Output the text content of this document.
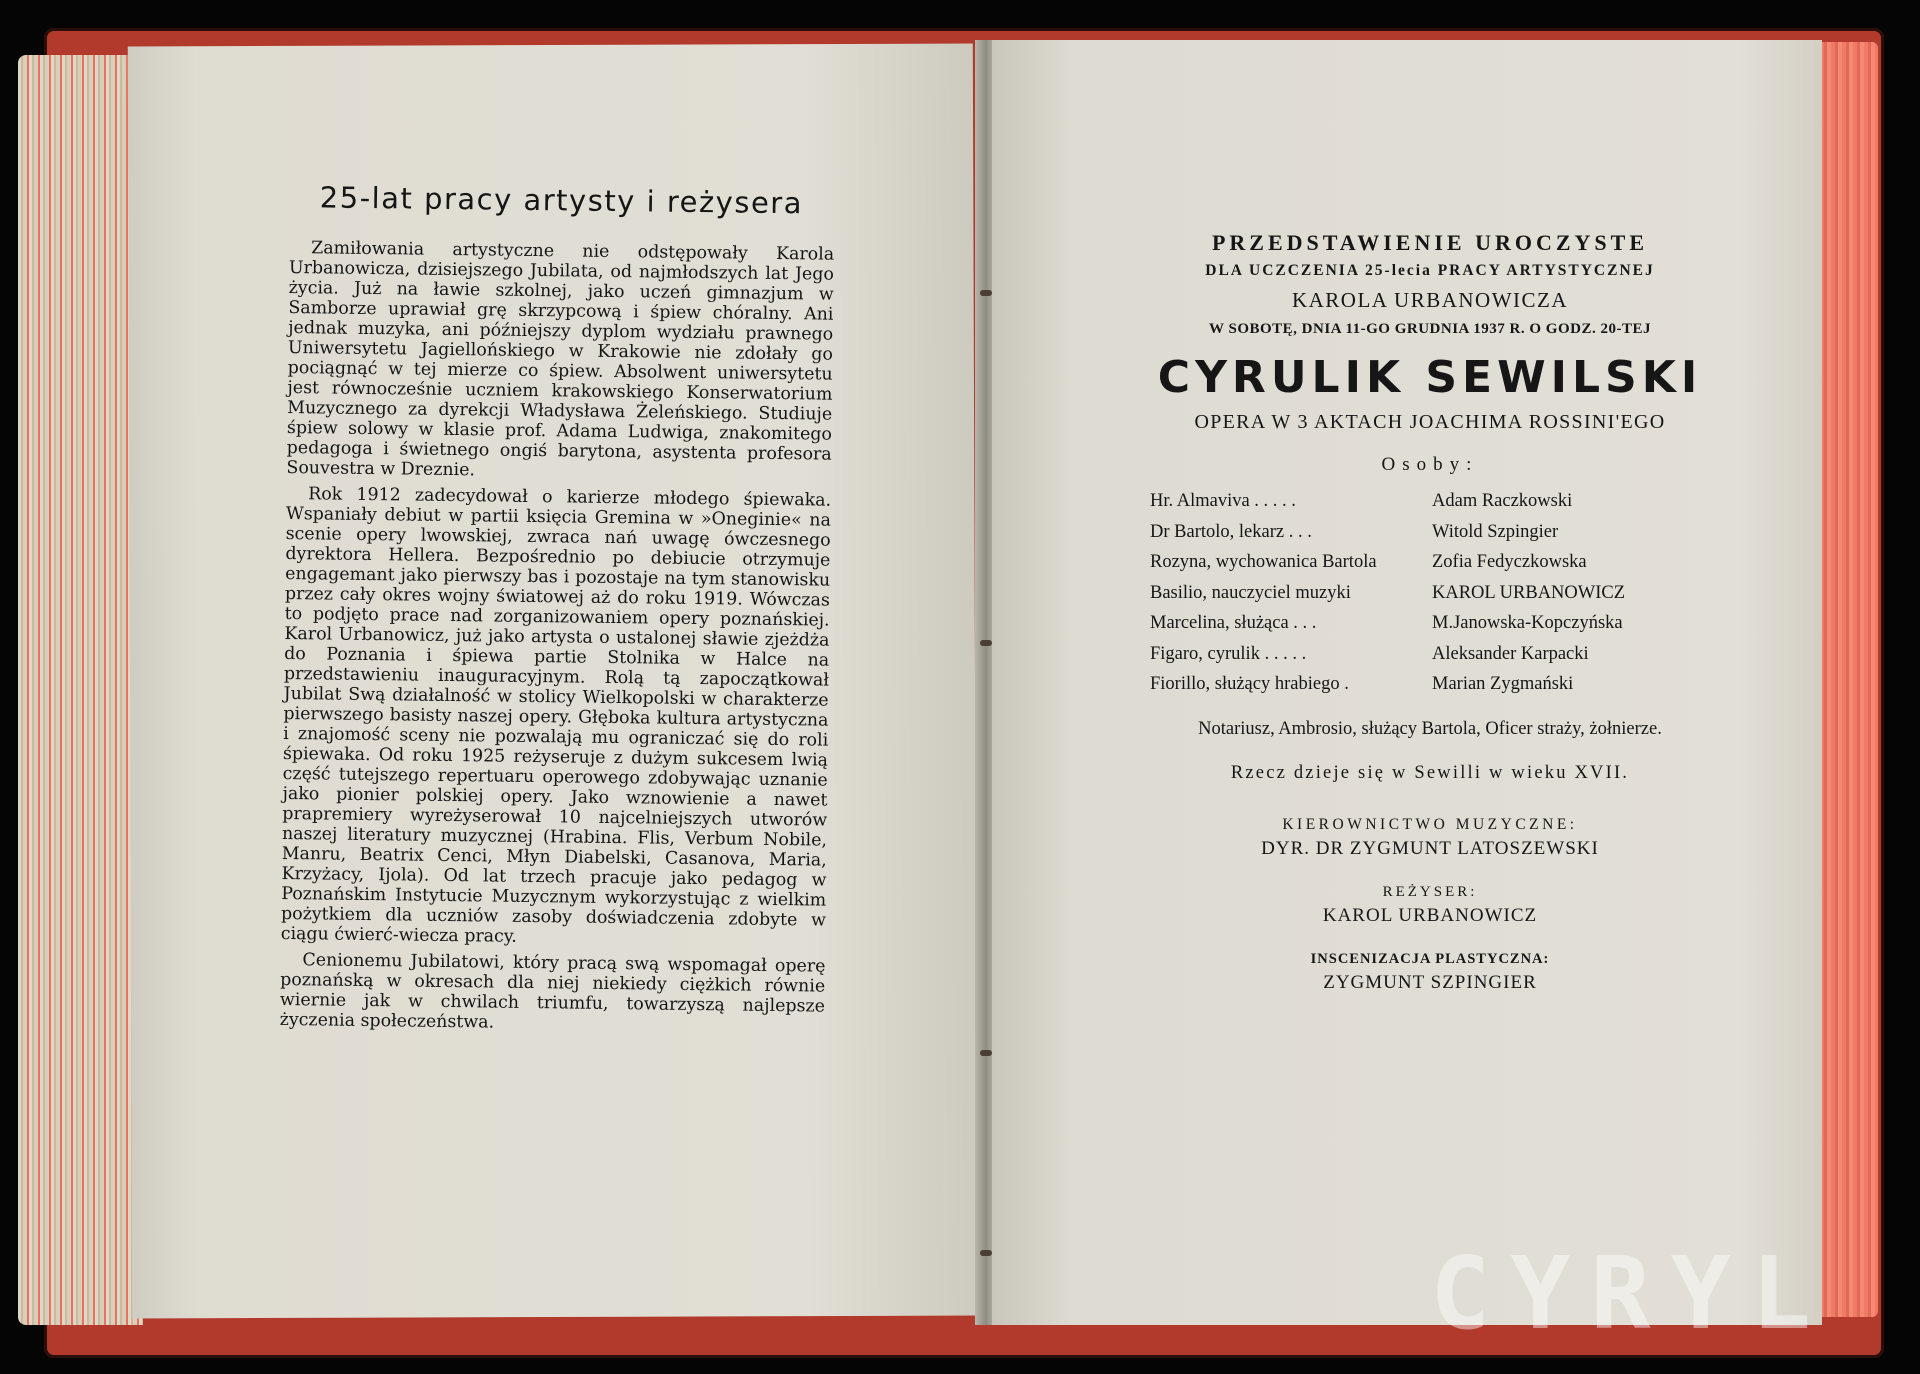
25-lat pracy artysty i reżysera

Zamiłowania artystyczne nie odstępowały Karola Urbanowicza, dzisiejszego Jubilata, od najmłodszych lat Jego życia. Już na ławie szkolnej, jako uczeń gimnazjum w Samborze uprawiał grę skrzypcową i śpiew chóralny. Ani jednak muzyka, ani późniejszy dyplom wydziału prawnego Uniwersytetu Jagiellońskiego w Krakowie nie zdołały go pociągnąć w tej mierze co śpiew. Absolwent uniwersytetu jest równocześnie uczniem krakowskiego Konserwatorium Muzycznego za dyrekcji Władysława Żeleńskiego. Studiuje śpiew solowy w klasie prof. Adama Ludwiga, znakomitego pedagoga i świetnego ongiś barytona, asystenta profesora Souvestra w Dreznie.

Rok 1912 zadecydował o karierze młodego śpiewaka. Wspaniały debiut w partii księcia Gremina w »Oneginie« na scenie opery lwowskiej, zwraca nań uwagę ówczesnego dyrektora Hellera. Bezpośrednio po debiucie otrzymuje engagemant jako pierwszy bas i pozostaje na tym stanowisku przez cały okres wojny światowej aż do roku 1919. Wówczas to podjęto prace nad zorganizowaniem opery poznańskiej. Karol Urbanowicz, już jako artysta o ustalonej sławie zjeżdża do Poznania i śpiewa partie Stolnika w Halce na przedstawieniu inauguracyjnym. Rolą tą zapoczątkował Jubilat Swą działalność w stolicy Wielkopolski w charakterze pierwszego basisty naszej opery. Głęboka kultura artystyczna i znajomość sceny nie pozwalają mu ograniczać się do roli śpiewaka. Od roku 1925 reżyseruje z dużym sukcesem lwią część tutejszego repertuaru operowego zdobywając uznanie jako pionier polskiej opery. Jako wznowienie a nawet prapremiery wyreżyserował 10 najcelniejszych utworów naszej literatury muzycznej (Hrabina. Flis, Verbum Nobile, Manru, Beatrix Cenci, Młyn Diabelski, Casanova, Maria, Krzyżacy, Ijola). Od lat trzech pracuje jako pedagog w Poznańskim Instytucie Muzycznym wykorzystując z wielkim pożytkiem dla uczniów zasoby doświadczenia zdobyte w ciągu ćwierć-wiecza pracy.

Cenionemu Jubilatowi, który pracą swą wspomagał operę poznańską w okresach dla niej niekiedy ciężkich równie wiernie jak w chwilach triumfu, towarzyszą najlepsze życzenia społeczeństwa.

PRZEDSTAWIENIE UROCZYSTE
DLA UCZCZENIA 25-lecia PRACY ARTYSTYCZNEJ
KAROLA URBANOWICZA
W SOBOTĘ, DNIA 11-GO GRUDNIA 1937 R. O GODZ. 20-TEJ
CYRULIK SEWILSKI
OPERA W 3 AKTACH JOACHIMA ROSSINI'EGO
Osoby:
Hr. Almaviva . . . . .	Adam Raczkowski
Dr Bartolo, lekarz . . .	Witold Szpingier
Rozyna, wychowanica Bartola	Zofia Fedyczkowska
Basilio, nauczyciel muzyki	KAROL URBANOWICZ
Marcelina, służąca . . .	M.Janowska-Kopczyńska
Figaro, cyrulik . . . . .	Aleksander Karpacki
Fiorillo, służący hrabiego .	Marian Zygmański
Notariusz, Ambrosio, służący Bartola, Oficer straży, żołnierze.
Rzecz dzieje się w Sewilli w wieku XVII.
KIEROWNICTWO MUZYCZNE:
DYR. DR ZYGMUNT LATOSZEWSKI
REŻYSER:
KAROL URBANOWICZ
INSCENIZACJA PLASTYCZNA:
ZYGMUNT SZPINGIER
CYRYL
